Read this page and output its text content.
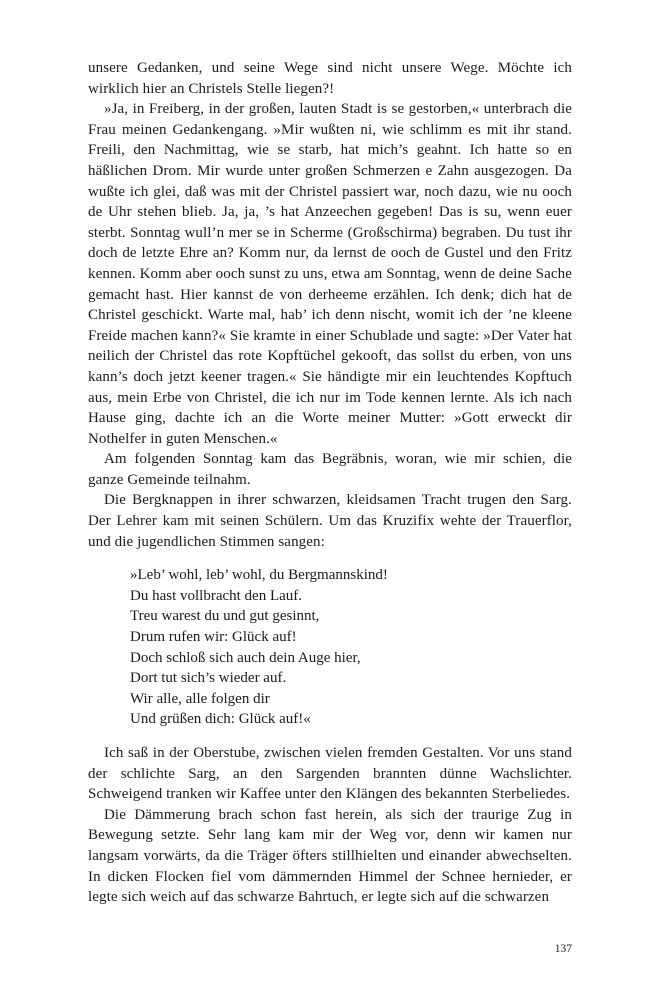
unsere Gedanken, und seine Wege sind nicht unsere Wege. Möchte ich wirklich hier an Christels Stelle liegen?!

»Ja, in Freiberg, in der großen, lauten Stadt is se gestorben,« unterbrach die Frau meinen Gedankengang. »Mir wußten ni, wie schlimm es mit ihr stand. Freili, den Nachmittag, wie se starb, hat mich’s geahnt. Ich hatte so en häßlichen Drom. Mir wurde unter großen Schmerzen e Zahn ausgezogen. Da wußte ich glei, daß was mit der Christel passiert war, noch dazu, wie nu ooch de Uhr stehen blieb. Ja, ja, ’s hat Anzeechen gegeben! Das is su, wenn euer sterbt. Sonntag wull’n mer se in Scherme (Großschirma) begraben. Du tust ihr doch de letzte Ehre an? Komm nur, da lernst de ooch de Gustel und den Fritz kennen. Komm aber ooch sunst zu uns, etwa am Sonntag, wenn de deine Sache gemacht hast. Hier kannst de von derheeme erzählen. Ich denk; dich hat de Christel geschickt. Warte mal, hab’ ich denn nischt, womit ich der ’ne kleene Freide machen kann?« Sie kramte in einer Schublade und sagte: »Der Vater hat neilich der Christel das rote Kopftüchel gekooft, das sollst du erben, von uns kann’s doch jetzt keener tragen.« Sie händigte mir ein leuchtendes Kopftuch aus, mein Erbe von Christel, die ich nur im Tode kennen lernte. Als ich nach Hause ging, dachte ich an die Worte meiner Mutter: »Gott erweckt dir Nothelfer in guten Menschen.«

Am folgenden Sonntag kam das Begräbnis, woran, wie mir schien, die ganze Gemeinde teilnahm.

Die Bergknappen in ihrer schwarzen, kleidsamen Tracht trugen den Sarg. Der Lehrer kam mit seinen Schülern. Um das Kruzifix wehte der Trauerflor, und die jugendlichen Stimmen sangen:

»Leb’ wohl, leb’ wohl, du Bergmannskind!
Du hast vollbracht den Lauf.
Treu warest du und gut gesinnt,
Drum rufen wir: Glück auf!
Doch schloß sich auch dein Auge hier,
Dort tut sich’s wieder auf.
Wir alle, alle folgen dir
Und grüßen dich: Glück auf!«

Ich saß in der Oberstube, zwischen vielen fremden Gestalten. Vor uns stand der schlichte Sarg, an den Sargenden brannten dünne Wachslichter. Schweigend tranken wir Kaffee unter den Klängen des bekannten Sterbeliedes.

Die Dämmerung brach schon fast herein, als sich der traurige Zug in Bewegung setzte. Sehr lang kam mir der Weg vor, denn wir kamen nur langsam vorwärts, da die Träger öfters stillhielten und einander abwechselten. In dicken Flocken fiel vom dämmernden Himmel der Schnee hernieder, er legte sich weich auf das schwarze Bahrtuch, er legte sich auf die schwarzen

137
